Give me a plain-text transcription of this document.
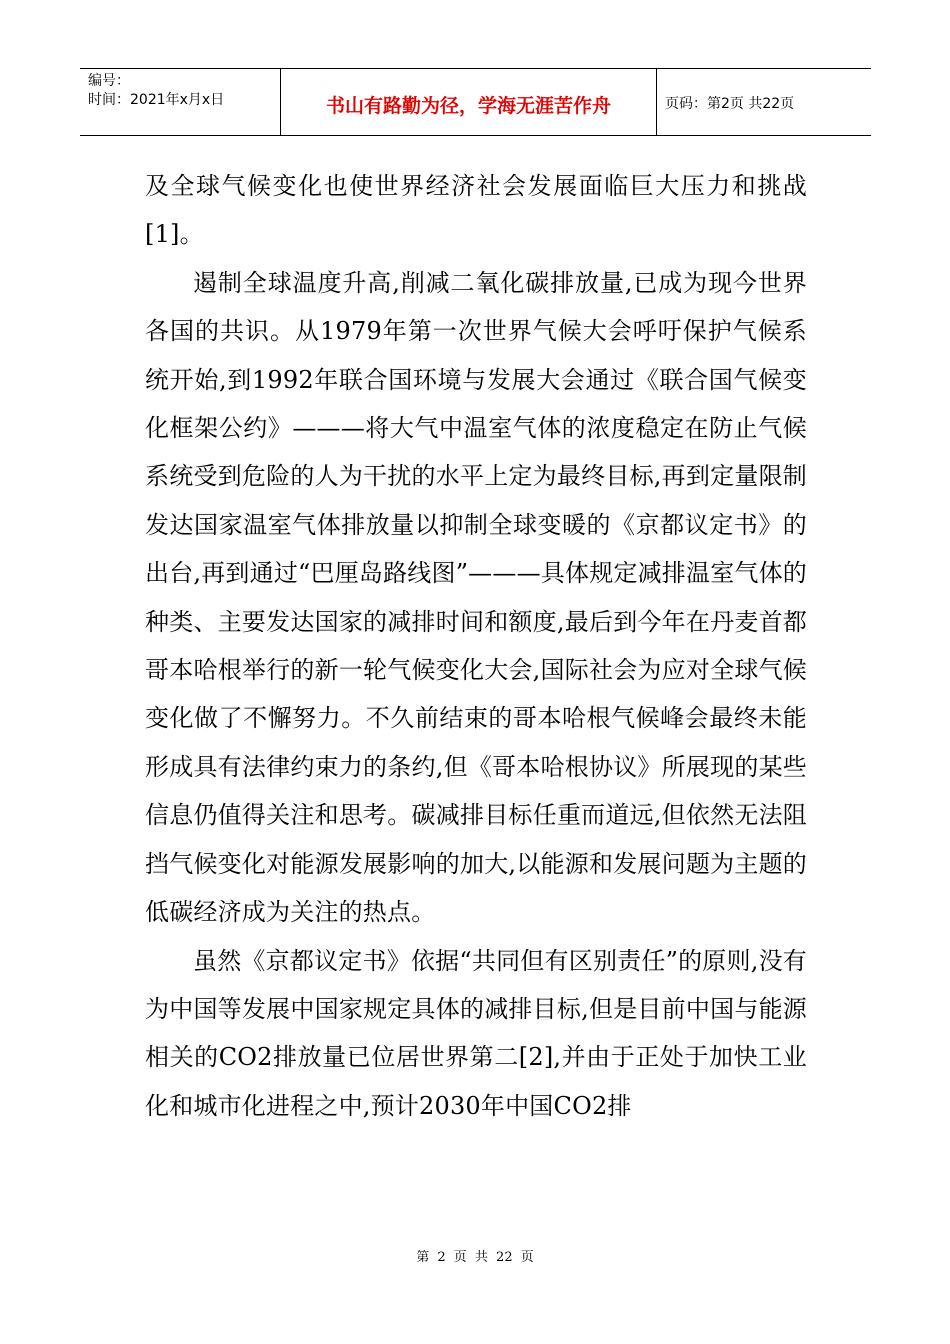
编号：
时间：2021年x月x日	书山有路勤为径，学海无涯苦作舟	页码：第2页 共22页

及全球气候变化也使世界经济社会发展面临巨大压力和挑战[1]。

遏制全球温度升高,削减二氧化碳排放量,已成为现今世界各国的共识。从1979年第一次世界气候大会呼吁保护气候系统开始,到1992年联合国环境与发展大会通过《联合国气候变化框架公约》———将大气中温室气体的浓度稳定在防止气候系统受到危险的人为干扰的水平上定为最终目标,再到定量限制发达国家温室气体排放量以抑制全球变暖的《京都议定书》的出台,再到通过“巴厘岛路线图”———具体规定减排温室气体的种类、主要发达国家的减排时间和额度,最后到今年在丹麦首都哥本哈根举行的新一轮气候变化大会,国际社会为应对全球气候变化做了不懈努力。不久前结束的哥本哈根气候峰会最终未能形成具有法律约束力的条约,但《哥本哈根协议》所展现的某些信息仍值得关注和思考。碳减排目标任重而道远,但依然无法阻挡气候变化对能源发展影响的加大,以能源和发展问题为主题的低碳经济成为关注的热点。

虽然《京都议定书》依据“共同但有区别责任”的原则,没有为中国等发展中国家规定具体的减排目标,但是目前中国与能源相关的CO2排放量已位居世界第二[2],并由于正处于加快工业化和城市化进程之中,预计2030年中国CO2排

第 2 页 共 22 页
